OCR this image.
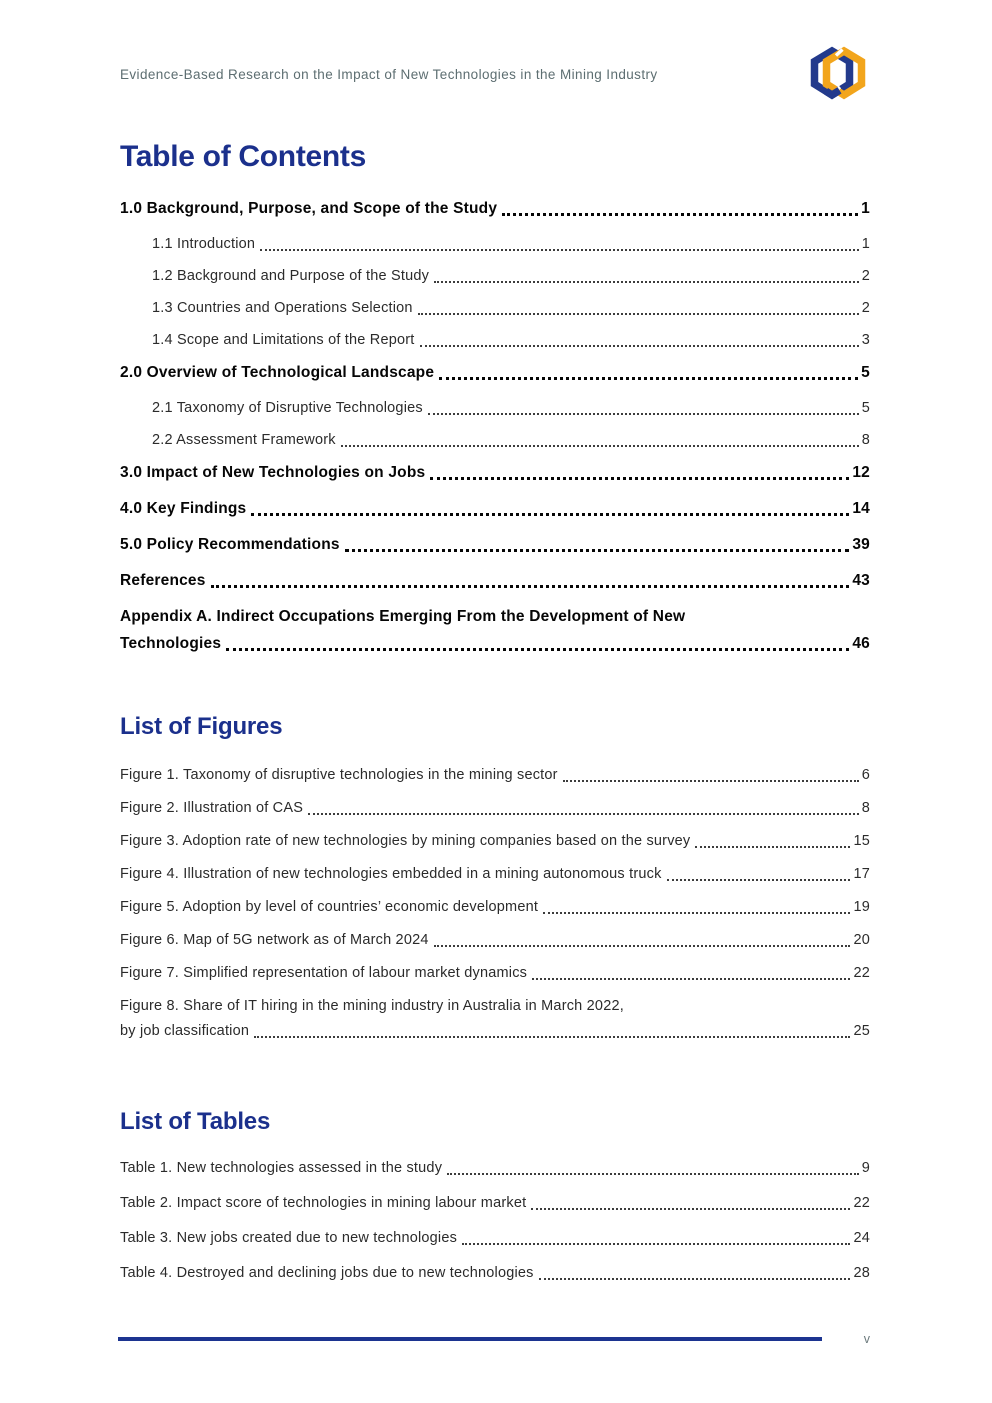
Evidence-Based Research on the Impact of New Technologies in the Mining Industry
Table of Contents
1.0 Background, Purpose, and Scope of the Study	1
1.1 Introduction	1
1.2 Background and Purpose of the Study	2
1.3 Countries and Operations Selection	2
1.4 Scope and Limitations of the Report	3
2.0 Overview of Technological Landscape	5
2.1 Taxonomy of Disruptive Technologies	5
2.2 Assessment Framework	8
3.0 Impact of New Technologies on Jobs	12
4.0 Key Findings	14
5.0 Policy Recommendations	39
References	43
Appendix A. Indirect Occupations Emerging From the Development of New
Technologies	46
List of Figures
Figure 1. Taxonomy of disruptive technologies in the mining sector	6
Figure 2. Illustration of CAS	8
Figure 3. Adoption rate of new technologies by mining companies based on the survey	15
Figure 4. Illustration of new technologies embedded in a mining autonomous truck	17
Figure 5. Adoption by level of countries’ economic development	19
Figure 6. Map of 5G network as of March 2024	20
Figure 7. Simplified representation of labour market dynamics	22
Figure 8. Share of IT hiring in the mining industry in Australia in March 2022,
by job classification	25
List of Tables
Table 1. New technologies assessed in the study	9
Table 2. Impact score of technologies in mining labour market	22
Table 3. New jobs created due to new technologies	24
Table 4. Destroyed and declining jobs due to new technologies	28
v
